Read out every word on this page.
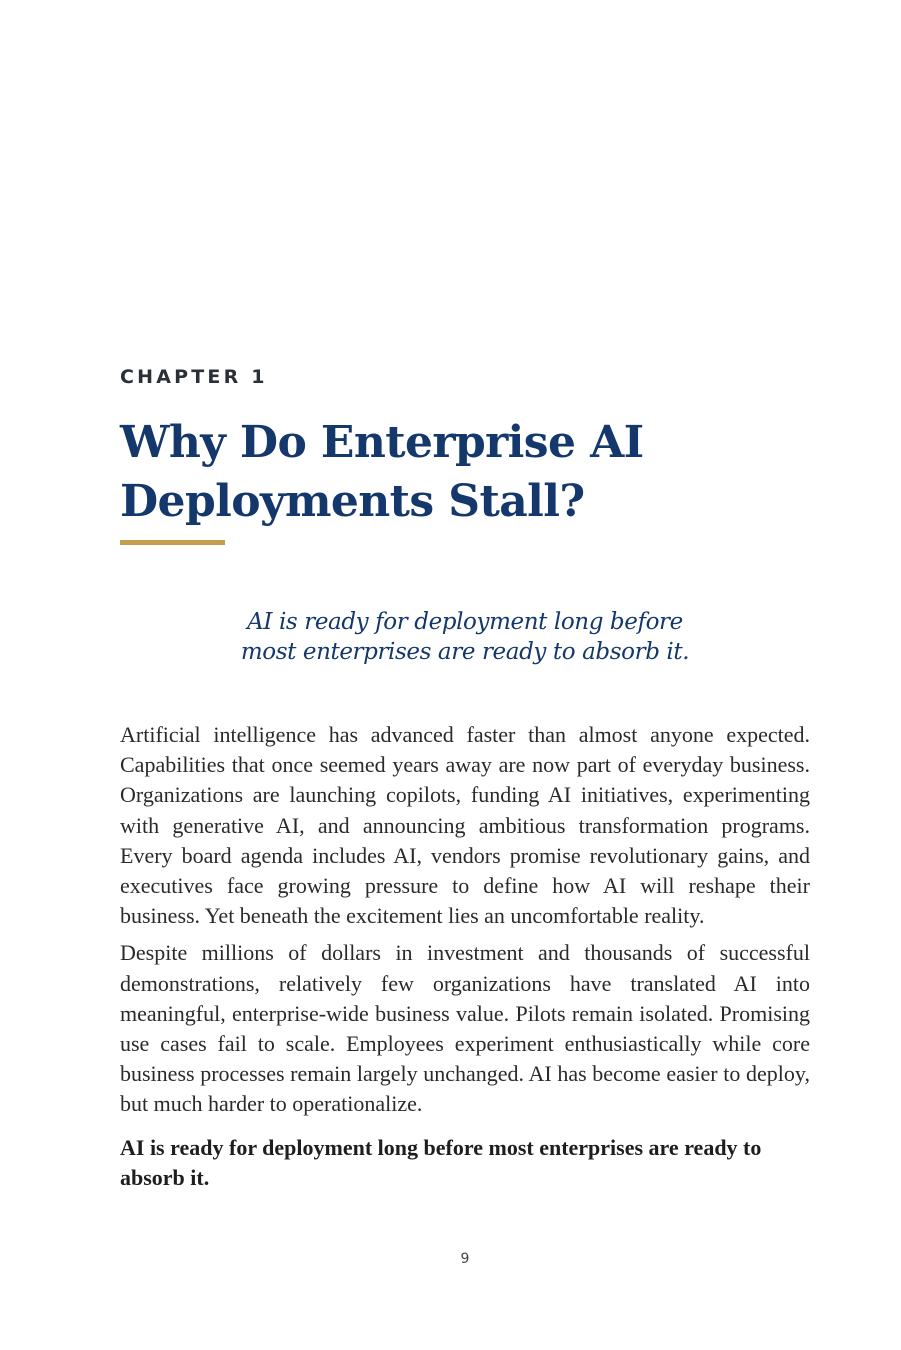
CHAPTER 1
Why Do Enterprise AI Deployments Stall?
AI is ready for deployment long before
most enterprises are ready to absorb it.

Artificial intelligence has advanced faster than almost anyone expected. Capabilities that once seemed years away are now part of everyday business. Organizations are launching copilots, funding AI initiatives, experimenting with generative AI, and announcing ambitious transformation programs. Every board agenda includes AI, vendors promise revolutionary gains, and executives face growing pressure to define how AI will reshape their business. Yet beneath the excitement lies an uncomfortable reality.

Despite millions of dollars in investment and thousands of successful demonstrations, relatively few organizations have translated AI into meaningful, enterprise-wide business value. Pilots remain isolated. Promising use cases fail to scale. Employees experiment enthusiastically while core business processes remain largely unchanged. AI has become easier to deploy, but much harder to operationalize.

AI is ready for deployment long before most enterprises are ready to absorb it.

9
